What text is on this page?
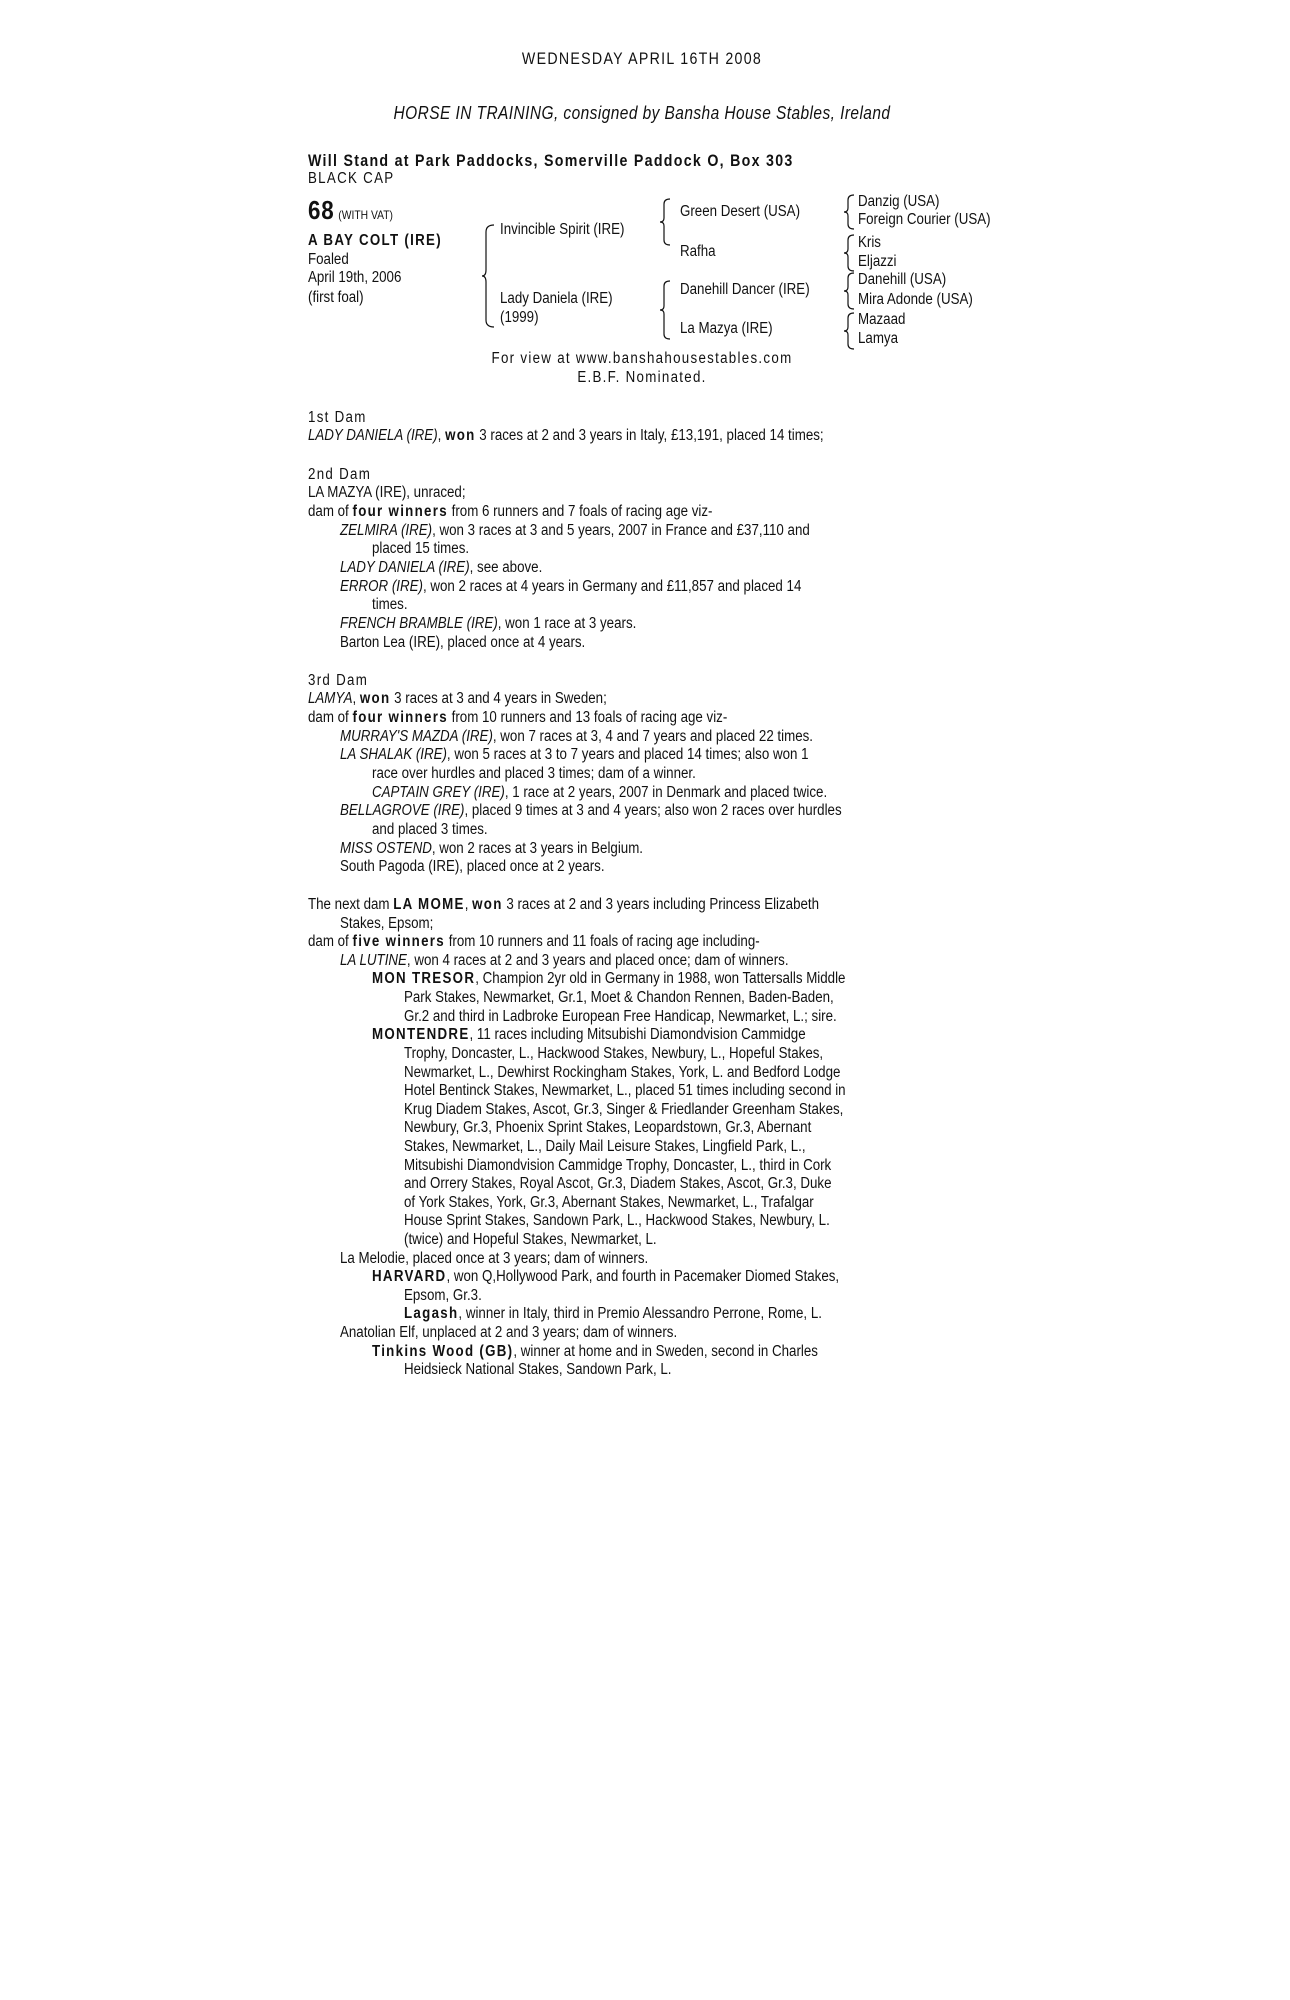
WEDNESDAY APRIL 16TH 2008
HORSE IN TRAINING, consigned by Bansha House Stables, Ireland
Will Stand at Park Paddocks, Somerville Paddock O, Box 303
BLACK CAP
68 (WITH VAT)
A BAY COLT (IRE)
Foaled
April 19th, 2006
(first foal)
Invincible Spirit (IRE)
Lady Daniela (IRE)
(1999)
Green Desert (USA)
Rafha
Danehill Dancer (IRE)
La Mazya (IRE)
Danzig (USA)
Foreign Courier (USA)
Kris
Eljazzi
Danehill (USA)
Mira Adonde (USA)
Mazaad
Lamya
For view at www.banshahousestables.com
E.B.F. Nominated.
1st Dam
LADY DANIELA (IRE), won 3 races at 2 and 3 years in Italy, £13,191, placed 14 times;
2nd Dam
LA MAZYA (IRE), unraced;
dam of four winners from 6 runners and 7 foals of racing age viz-
ZELMIRA (IRE), won 3 races at 3 and 5 years, 2007 in France and £37,110 and
placed 15 times.
LADY DANIELA (IRE), see above.
ERROR (IRE), won 2 races at 4 years in Germany and £11,857 and placed 14
times.
FRENCH BRAMBLE (IRE), won 1 race at 3 years.
Barton Lea (IRE), placed once at 4 years.
3rd Dam
LAMYA, won 3 races at 3 and 4 years in Sweden;
dam of four winners from 10 runners and 13 foals of racing age viz-
MURRAY'S MAZDA (IRE), won 7 races at 3, 4 and 7 years and placed 22 times.
LA SHALAK (IRE), won 5 races at 3 to 7 years and placed 14 times; also won 1
race over hurdles and placed 3 times; dam of a winner.
CAPTAIN GREY (IRE), 1 race at 2 years, 2007 in Denmark and placed twice.
BELLAGROVE (IRE), placed 9 times at 3 and 4 years; also won 2 races over hurdles
and placed 3 times.
MISS OSTEND, won 2 races at 3 years in Belgium.
South Pagoda (IRE), placed once at 2 years.
The next dam LA MOME, won 3 races at 2 and 3 years including Princess Elizabeth
Stakes, Epsom;
dam of five winners from 10 runners and 11 foals of racing age including-
LA LUTINE, won 4 races at 2 and 3 years and placed once; dam of winners.
MON TRESOR, Champion 2yr old in Germany in 1988, won Tattersalls Middle
Park Stakes, Newmarket, Gr.1, Moet & Chandon Rennen, Baden-Baden,
Gr.2 and third in Ladbroke European Free Handicap, Newmarket, L.; sire.
MONTENDRE, 11 races including Mitsubishi Diamondvision Cammidge
Trophy, Doncaster, L., Hackwood Stakes, Newbury, L., Hopeful Stakes,
Newmarket, L., Dewhirst Rockingham Stakes, York, L. and Bedford Lodge
Hotel Bentinck Stakes, Newmarket, L., placed 51 times including second in
Krug Diadem Stakes, Ascot, Gr.3, Singer & Friedlander Greenham Stakes,
Newbury, Gr.3, Phoenix Sprint Stakes, Leopardstown, Gr.3, Abernant
Stakes, Newmarket, L., Daily Mail Leisure Stakes, Lingfield Park, L.,
Mitsubishi Diamondvision Cammidge Trophy, Doncaster, L., third in Cork
and Orrery Stakes, Royal Ascot, Gr.3, Diadem Stakes, Ascot, Gr.3, Duke
of York Stakes, York, Gr.3, Abernant Stakes, Newmarket, L., Trafalgar
House Sprint Stakes, Sandown Park, L., Hackwood Stakes, Newbury, L.
(twice) and Hopeful Stakes, Newmarket, L.
La Melodie, placed once at 3 years; dam of winners.
HARVARD, won Q,Hollywood Park, and fourth in Pacemaker Diomed Stakes,
Epsom, Gr.3.
Lagash, winner in Italy, third in Premio Alessandro Perrone, Rome, L.
Anatolian Elf, unplaced at 2 and 3 years; dam of winners.
Tinkins Wood (GB), winner at home and in Sweden, second in Charles
Heidsieck National Stakes, Sandown Park, L.
